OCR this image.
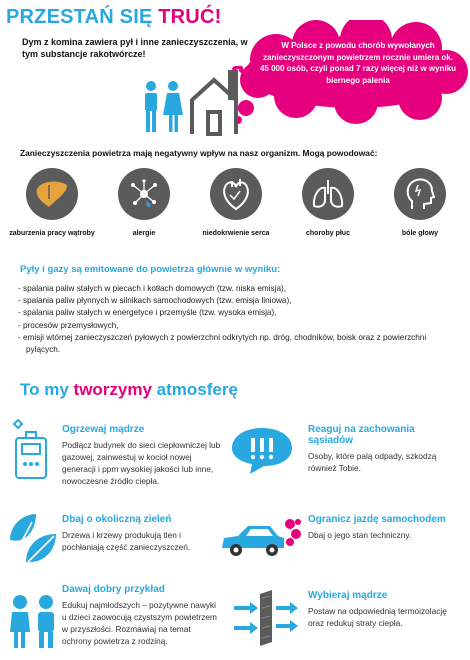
PRZESTAŃ SIĘ TRUĆ!
Dym z komina zawiera pył i inne zanieczyszczenia, w tym substancje rakotwórcze!
W Polsce z powodu chorób wywołanych zanieczyszczonym powietrzem rocznie umiera ok. 45 000 osób, czyli ponad 7 razy więcej niż w wyniku biernego palenia
Zanieczyszczenia powietrza mają negatywny wpływ na nasz organizm. Mogą powodować:
zaburzenia pracy wątroby	alergie	niedokrwienie serca	choroby płuc	bóle głowy
Pyły i gazy są emitowane do powietrza głównie w wyniku:
- spalania paliw stałych w piecach i kotłach domowych (tzw. niska emisja),
- spalania paliw płynnych w silnikach samochodowych (tzw. emisja liniowa),
- spalania paliw stałych w energetyce i przemyśle (tzw. wysoka emisja),
- procesów przemysłowych,
- emisji wtórnej zanieczyszczeń pyłowych z powierzchni odkrytych np. dróg, chodników, boisk oraz z powierzchni pylących.
To my tworzymy atmosferę
Ogrzewaj mądrze
Podłącz budynek do sieci ciepłowniczej lub gazowej, zainwestuj w kocioł nowej generacji i ppm wysokiej jakości lub inne, nowoczesne źródło ciepła.
Reaguj na zachowania sąsiadów
Osoby, które palą odpady, szkodzą również Tobie.
Dbaj o okoliczną zieleń
Drzewa i krzewy produkują tlen i pochłaniają część zanieczyszczeń.
Ogranicz jazdę samochodem
Dbaj o jego stan techniczny.
Dawaj dobry przykład
Edukuj najmłodszych – pozytywne nawyki u dzieci zaowocują czystszym powietrzem w przyszłości. Rozmawiaj na temat ochrony powietrza z rodziną.
Wybieraj mądrze
Postaw na odpowiednią termoizolację oraz redukuj straty ciepła.
